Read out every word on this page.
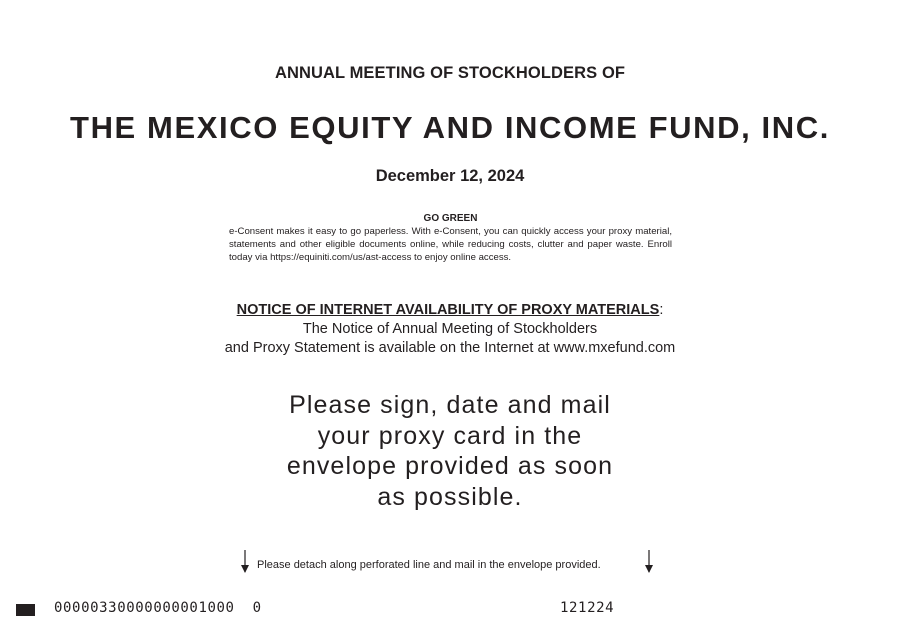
ANNUAL MEETING OF STOCKHOLDERS OF
THE MEXICO EQUITY AND INCOME FUND, INC.
December 12, 2024
GO GREEN
e-Consent makes it easy to go paperless. With e-Consent, you can quickly access your proxy material, statements and other eligible documents online, while reducing costs, clutter and paper waste. Enroll today via https://equiniti.com/us/ast-access to enjoy online access.
NOTICE OF INTERNET AVAILABILITY OF PROXY MATERIALS:
The Notice of Annual Meeting of Stockholders
and Proxy Statement is available on the Internet at www.mxefund.com
Please sign, date and mail
your proxy card in the
envelope provided as soon
as possible.
Please detach along perforated line and mail in the envelope provided.
00000330000000001000  0	121224
